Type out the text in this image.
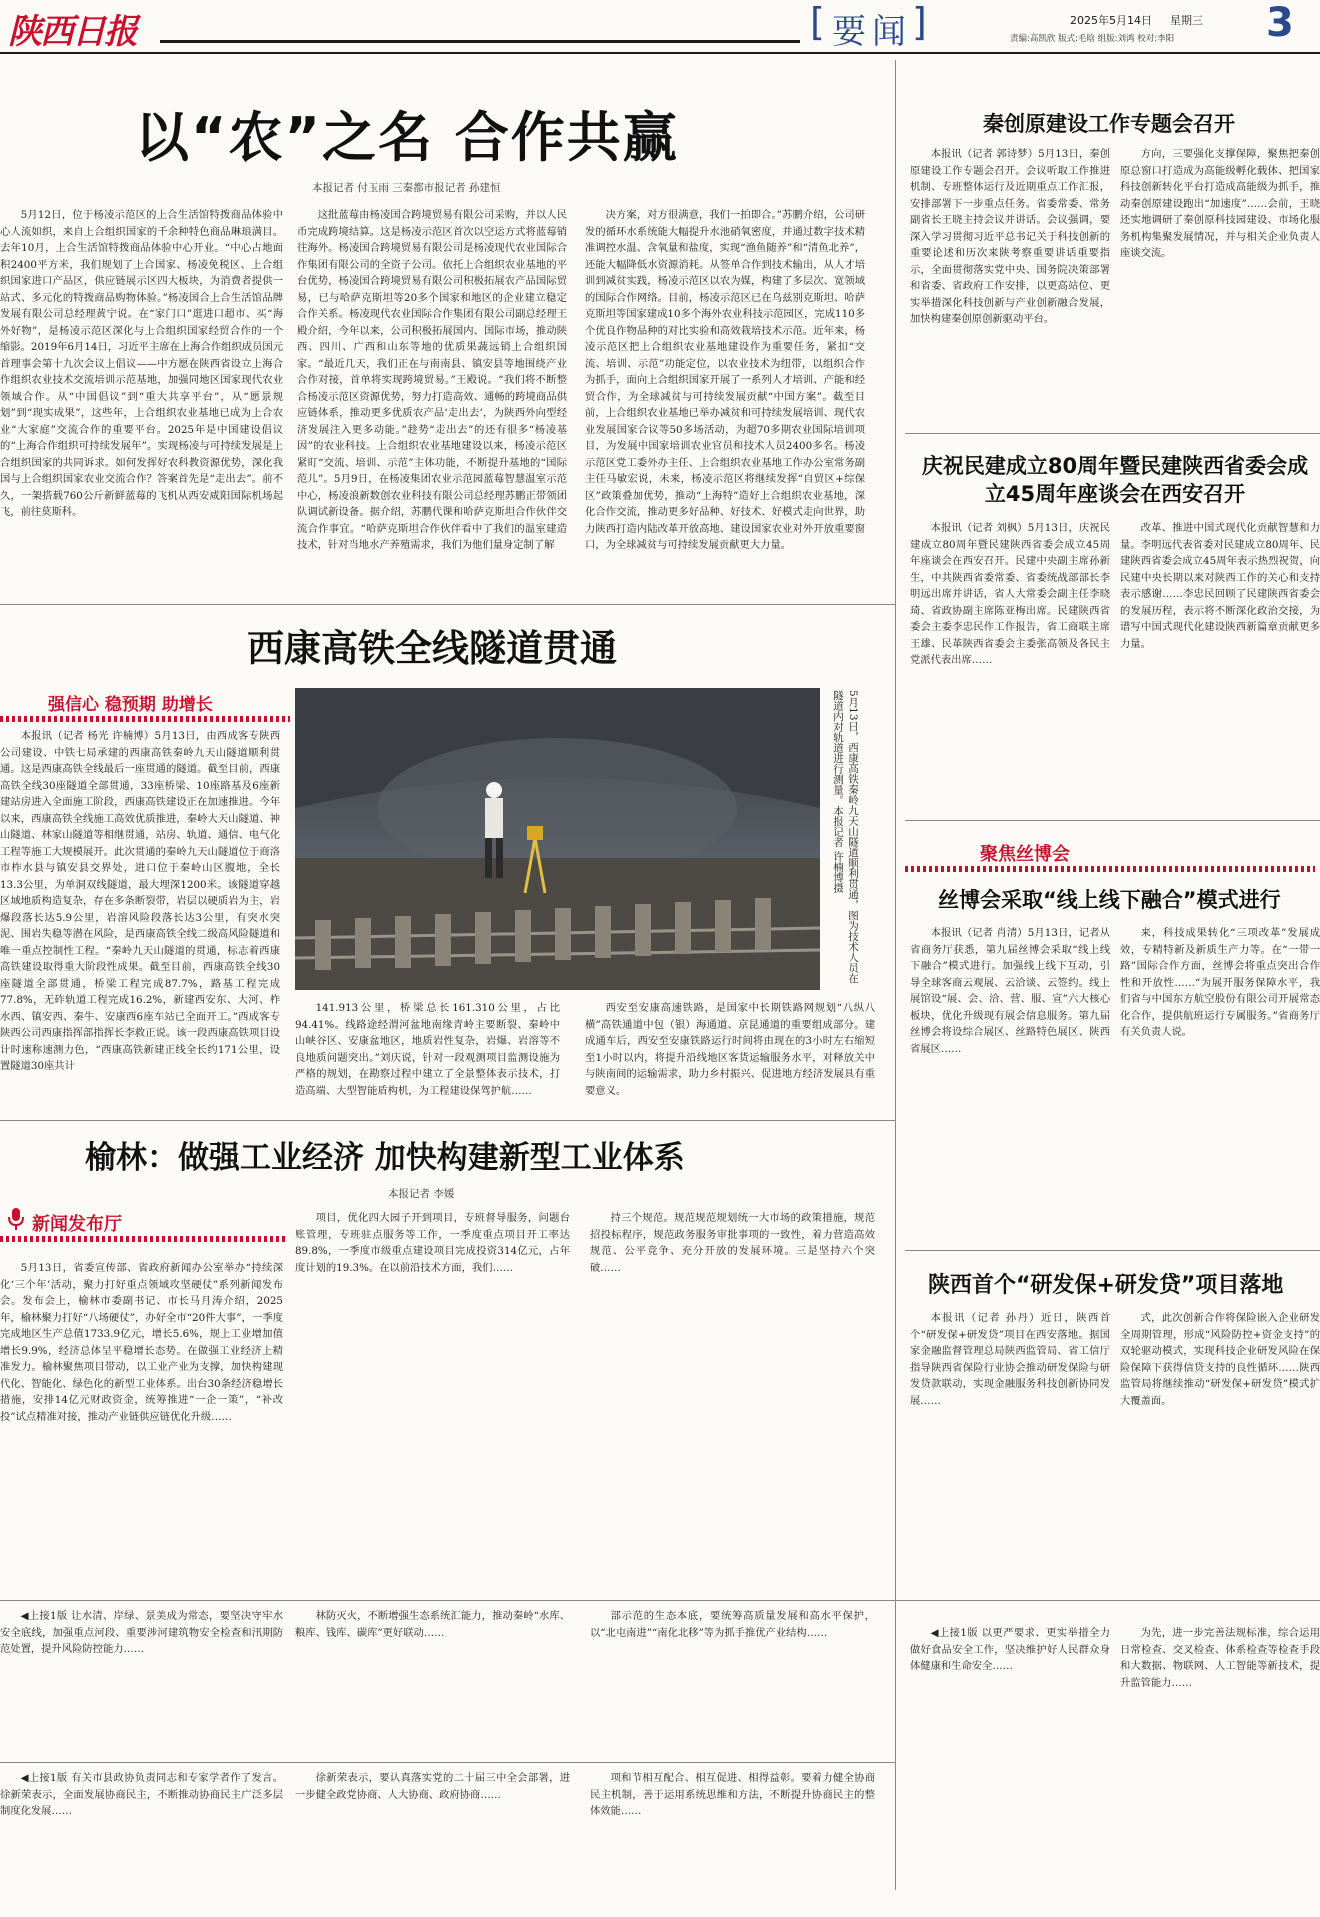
陕西日报	[ 要闻 ]	2025年5月14日 星期三
责编:高凯欣 版式:毛晗 组版:刘鸿 校对:李阳 3
以“农”之名 合作共赢
本报记者 付玉雨 三秦都市报记者 孙建恒

5月12日，位于杨凌示范区的上合生活馆特拨商品体验中心人流如织，来自上合组织国家的千余种特色商品琳琅满目。去年10月，上合生活馆特拨商品体验中心开业。“中心占地面积2400平方米，我们规划了上合国家、杨凌免税区、上合组织国家进口产品区，供应链展示区四大板块，为消费者提供一站式、多元化的特拨商品购物体验。”杨凌国合上合生活馆品牌发展有限公司总经理黄宁说。在“家门口”逛进口超市、买“海外好物”，是杨凌示范区深化与上合组织国家经贸合作的一个缩影。2019年6月14日，习近平主席在上海合作组织成员国元首理事会第十九次会议上倡议——中方愿在陕西省设立上海合作组织农业技术交流培训示范基地，加强同地区国家现代农业领域合作。从“中国倡议”到“重大共享平台”，从“愿景规划”到“现实成果”，这些年，上合组织农业基地已成为上合农业“大家庭”交流合作的重要平台。2025年是中国建设倡议的“上海合作组织可持续发展年”。实现杨凌与可持续发展是上合组织国家的共同诉求。如何发挥好农科教资源优势，深化我国与上合组织国家农业交流合作？答案首先是“走出去”。前不久，一架搭载760公斤新鲜蓝莓的飞机从西安咸阳国际机场起飞，前往莫斯科。

这批蓝莓由杨凌国合跨境贸易有限公司采购，并以人民币完成跨境结算。这是杨凌示范区首次以空运方式将蓝莓销往海外。杨凌国合跨境贸易有限公司是杨凌现代农业国际合作集团有限公司的全资子公司。依托上合组织农业基地的平台优势，杨凌国合跨境贸易有限公司积极拓展农产品国际贸易，已与哈萨克斯坦等20多个国家和地区的企业建立稳定合作关系。杨凌现代农业国际合作集团有限公司副总经理王殿介绍，今年以来，公司积极拓展国内、国际市场，推动陕西、四川、广西和山东等地的优质果蔬远销上合组织国家。“最近几天，我们正在与南南县、镇安县等地围绕产业合作对接，首单将实现跨境贸易。”王殿说。“我们将不断整合杨凌示范区资源优势，努力打造高效、通畅的跨境商品供应链体系，推动更多优质农产品‘走出去’，为陕西外向型经济发展注入更多动能。”趁势“走出去”的还有很多“杨凌基因”的农业科技。上合组织农业基地建设以来，杨凌示范区紧盯“交流、培训、示范”主体功能，不断提升基地的“国际范儿”。5月9日，在杨凌集团农业示范园蓝莓智慧温室示范中心，杨凌浪新数创农业科技有限公司总经理苏鹏正带领团队调试新设备。据介绍，苏鹏代课和哈萨克斯坦合作伙伴交流合作事宜。“哈萨克斯坦合作伙伴看中了我们的温室建造技术，针对当地水产养殖需求，我们为他们量身定制了解

决方案，对方很满意，我们一拍即合。”苏鹏介绍，公司研发的循环水系统能大幅提升水池硝氧密度，并通过数字技术精准调控水温、含氧量和盐度，实现“渔鱼随养”和“清鱼北养”，还能大幅降低水资源消耗。从签单合作到技术输出，从人才培训到减贫实践，杨凌示范区以农为媒，构建了多层次、宽领域的国际合作网络。目前，杨凌示范区已在乌兹别克斯坦、哈萨克斯坦等国家建成10多个海外农业科技示范园区，完成110多个优良作物品种的对比实验和高效栽培技术示范。近年来，杨凌示范区把上合组织农业基地建设作为重要任务，紧扣“交流、培训、示范”功能定位，以农业技术为纽带，以组织合作为抓手，面向上合组织国家开展了一系列人才培训、产能和经贸合作，为全球减贫与可持续发展贡献“中国方案”。截至目前，上合组织农业基地已举办减贫和可持续发展培训、现代农业发展国家合议等50多场活动，为超70多期农业国际培训项目，为发展中国家培训农业官员和技术人员2400多名。杨凌示范区党工委外办主任、上合组织农业基地工作办公室常务副主任马敏宏说，未来，杨凌示范区将继续发挥“自贸区+综保区”政策叠加优势，推动“上海特”造好上合组织农业基地，深化合作交流，推动更多好品种、好技术、好模式走向世界，助力陕西打造内陆改革开放高地、建设国家农业对外开放重要窗口，为全球减贫与可持续发展贡献更大力量。

秦创原建设工作专题会召开

本报讯（记者 郭诗梦）5月13日，秦创原建设工作专题会召开。会议听取工作推进机制、专班整体运行及近期重点工作汇报，安排部署下一步重点任务。省委常委、常务副省长王晓主持会议并讲话。会议强调，要深入学习贯彻习近平总书记关于科技创新的重要论述和历次来陕考察重要讲话重要指示，全面贯彻落实党中央、国务院决策部署和省委、省政府工作安排，以更高站位、更实举措深化科技创新与产业创新融合发展，加快构建秦创原创新驱动平台。

方向，三要强化支撑保障，聚焦把秦创原总窗口打造成为高能级孵化载体、把国家科技创新转化平台打造成高能级为抓手，推动秦创原建设跑出“加速度”……会前，王晓还实地调研了秦创原科技园建设、市场化服务机构集聚发展情况，并与相关企业负责人座谈交流。

庆祝民建成立80周年暨民建陕西省委会成立45周年座谈会在西安召开

本报讯（记者 刘枫）5月13日，庆祝民建成立80周年暨民建陕西省委会成立45周年座谈会在西安召开。民建中央副主席孙新生，中共陕西省委常委、省委统战部部长李明远出席并讲话，省人大常委会副主任李晓琦、省政协副主席陈亚梅出席。民建陕西省委会主委李忠民作工作报告，省工商联主席王雄、民革陕西省委会主委张高领及各民主党派代表出席……

改革、推进中国式现代化贡献智慧和力量。李明远代表省委对民建成立80周年、民建陕西省委会成立45周年表示热烈祝贺，向民建中央长期以来对陕西工作的关心和支持表示感谢……李忠民回顾了民建陕西省委会的发展历程，表示将不断深化政治交接，为谱写中国式现代化建设陕西新篇章贡献更多力量。

西康高铁全线隧道贯通
强信心 稳预期 助增长

本报讯（记者 杨光 许楠博）5月13日，由西成客专陕西公司建设、中铁七局承建的西康高铁秦岭九天山隧道顺利贯通。这是西康高铁全线最后一座贯通的隧道。截至目前，西康高铁全线30座隧道全部贯通，33座桥梁、10座路基及6座新建站房进入全面施工阶段，西康高铁建设正在加速推进。今年以来，西康高铁全线施工高效优质推进，秦岭大天山隧道、神山隧道、林家山隧道等相继贯通，站房、轨道、通信、电气化工程等施工大规模展开。此次贯通的秦岭九天山隧道位于商洛市柞水县与镇安县交界处，进口位于秦岭山区腹地，全长13.3公里，为单洞双线隧道，最大埋深1200米。该隧道穿越区域地质构造复杂，存在多条断裂带，岩层以硬质岩为主，岩爆段落长达5.9公里，岩溶风险段落长达3公里，有突水突泥、围岩失稳等潜在风险，是西康高铁全线二级高风险隧道和唯一重点控制性工程。“秦岭九天山隧道的贯通，标志着西康高铁建设取得重大阶段性成果。截至目前，西康高铁全线30座隧道全部贯通，桥梁工程完成87.7%，路基工程完成77.8%，无砟轨道工程完成16.2%，新建西安东、大河、柞水西、镇安西、秦牛、安康西6座车站已全面开工。”西成客专陕西公司西康指挥部指挥长李救正说。该一段西康高铁项目设计时速称速测力色，“西康高铁新建正线全长约171公里，设置隧道30座共计

5月13日，西康高铁秦岭九天山隧道顺利贯通，图为技术人员在隧道内对轨道进行测量。本报记者 许楠博摄

141.913公里，桥梁总长161.310公里，占比94.41%。线路途经渭河盆地南缘青岭主要断裂、秦岭中山峡谷区、安康盆地区，地质岩性复杂，岩爆、岩溶等不良地质问题突出。”刘庆说，针对一段观测项目监测设施为严格的规划，在勘察过程中建立了全景整体表示技术，打造高端、大型智能盾构机，为工程建设保驾护航……

西安至安康高速铁路，是国家中长期铁路网规划“八纵八横”高铁通道中包（银）海通道、京昆通道的重要组成部分。建成通车后，西安至安康铁路运行时间将由现在的3小时左右缩短至1小时以内，将提升沿线地区客货运输服务水平，对释放关中与陕南间的运输需求，助力乡村振兴、促进地方经济发展具有重要意义。

聚焦丝博会
丝博会采取“线上线下融合”模式进行

本报讯（记者 肖清）5月13日，记者从省商务厅获悉，第九届丝博会采取“线上线下融合”模式进行。加强线上线下互动，引导全球客商云观展、云洽谈、云签约。线上展馆设“展、会、洽、营、服、宣”六大核心板块，优化升级现有展会信息服务。第九届丝博会将设综合展区、丝路特色展区、陕西省展区……

来，科技成果转化“三项改革”发展成效，专精特新及新质生产力等。在“一带一路”国际合作方面，丝博会将重点突出合作性和开放性……“为展开服务保障水平，我们省与中国东方航空股份有限公司开展常态化合作，提供航班运行专属服务。”省商务厅有关负责人说。

榆林：做强工业经济 加快构建新型工业体系
本报记者 李媛
新闻发布厅

5月13日，省委宣传部、省政府新闻办公室举办“持续深化‘三个年’活动，聚力打好重点领域攻坚硬仗”系列新闻发布会。发布会上，榆林市委副书记、市长马月涛介绍，2025年，榆林聚力打好“八场硬仗”，办好全市“20件大事”，一季度完成地区生产总值1733.9亿元，增长5.6%，规上工业增加值增长9.9%，经济总体呈平稳增长态势。在做强工业经济上精准发力。榆林聚焦项目带动，以工业产业为支撑，加快构建现代化、智能化、绿色化的新型工业体系。出台30条经济稳增长措施，安排14亿元财政资金，统筹推进“一企一策”，“补改投”试点精准对接，推动产业链供应链优化升级……

项目，优化四大园子开到项目，专班督导服务，问题台账管理，专班驻点服务等工作，一季度重点项目开工率达89.8%，一季度市级重点建设项目完成投资314亿元，占年度计划的19.3%。在以前沿技术方面，我们……

持三个规范。规范规范规划统一大市场的政策措施，规范招投标程序，规范政务服务审批事项的一致性，着力营造高效规范、公平竞争、充分开放的发展环境。三是坚持六个突破……

陕西首个“研发保+研发贷”项目落地

本报讯（记者 孙丹）近日，陕西首个“研发保+研发贷”项目在西安落地。据国家金融监督管理总局陕西监管局、省工信厅指导陕西省保险行业协会推动研发保险与研发贷款联动，实现金融服务科技创新协同发展……

式，此次创新合作将保险嵌入企业研发全周期管理，形成“风险防控+资金支持”的双轮驱动模式，实现科技企业研发风险在保险保障下获得信贷支持的良性循环……陕西监管局将继续推动“研发保+研发贷”模式扩大覆盖面。

◀上接1版 让水清、岸绿、景美成为常态，要坚决守牢水安全底线，加强重点河段、重要涉河建筑物安全检查和汛期防范处置，提升风险防控能力……

林防灭火，不断增强生态系统汇能力，推动秦岭“水库、粮库、钱库、碳库”更好联动……

部示范的生态本底，要统筹高质量发展和高水平保护，以“北屯南进”“南化北移”等为抓手推优产业结构……	◀上接1版 以更严要求、更实举措全力做好食品安全工作，坚决维护好人民群众身体健康和生命安全……

为先，进一步完善法规标准，综合运用日常检查、交叉检查、体系检查等检查手段和大数据、物联网、人工智能等新技术，提升监管能力……

◀上接1版 有关市县政协负责同志和专家学者作了发言。徐新荣表示，全面发展协商民主，不断推动协商民主广泛多层制度化发展……

徐新荣表示，要认真落实党的二十届三中全会部署，进一步健全政党协商、人大协商、政府协商……

项和节相互配合、相互促进、相得益彰。要着力健全协商民主机制，善于运用系统思维和方法，不断提升协商民主的整体效能……
